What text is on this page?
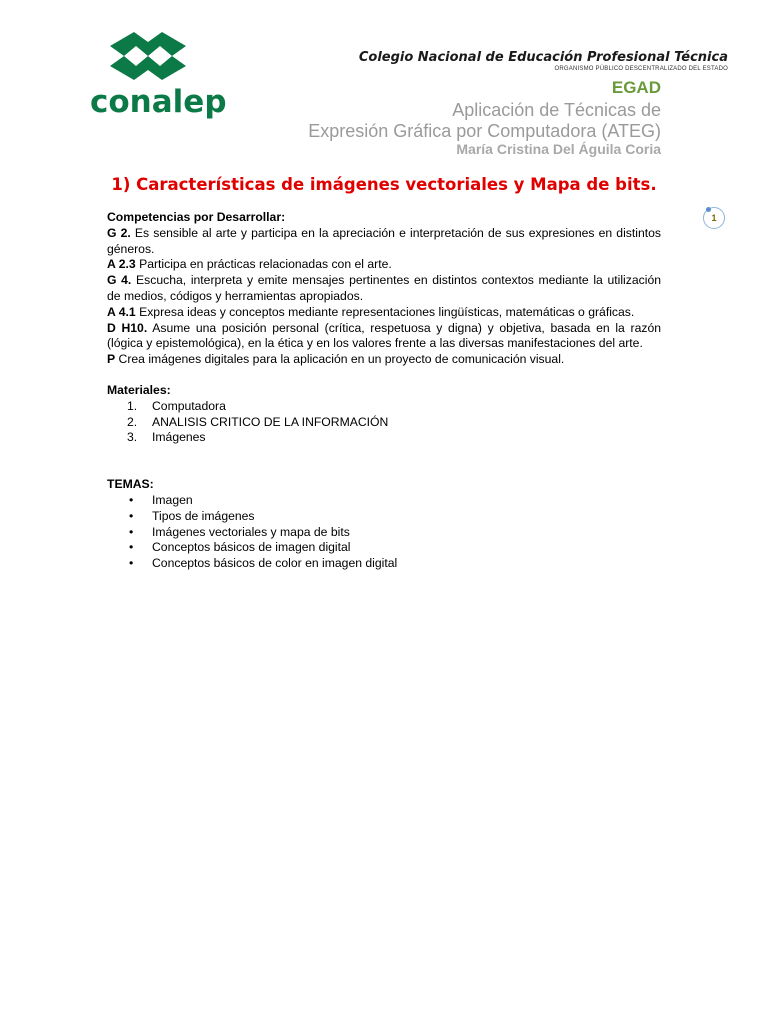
conalep
Colegio Nacional de Educación Profesional Técnica
ORGANISMO PÚBLICO DESCENTRALIZADO DEL ESTADO
EGAD
Aplicación de Técnicas de
Expresión Gráfica por Computadora (ATEG)
María Cristina Del Águila Coria
1) Características de imágenes vectoriales y Mapa de bits.
1
Competencias por Desarrollar:
G 2. Es sensible al arte y participa en la apreciación e interpretación de sus expresiones en distintos géneros.
A 2.3 Participa en prácticas relacionadas con el arte.
G 4. Escucha, interpreta y emite mensajes pertinentes en distintos contextos mediante la utilización de medios, códigos y herramientas apropiados.
A 4.1 Expresa ideas y conceptos mediante representaciones lingüísticas, matemáticas o gráficas.
D H10. Asume una posición personal (crítica, respetuosa y digna) y objetiva, basada en la razón (lógica y epistemológica), en la ética y en los valores frente a las diversas manifestaciones del arte.
P Crea imágenes digitales para la aplicación en un proyecto de comunicación visual.
Materiales:
1. Computadora
2. ANALISIS CRITICO DE LA INFORMACIÓN
3. Imágenes
TEMAS:
• Imagen
• Tipos de imágenes
• Imágenes vectoriales y mapa de bits
• Conceptos básicos de imagen digital
• Conceptos básicos de color en imagen digital
